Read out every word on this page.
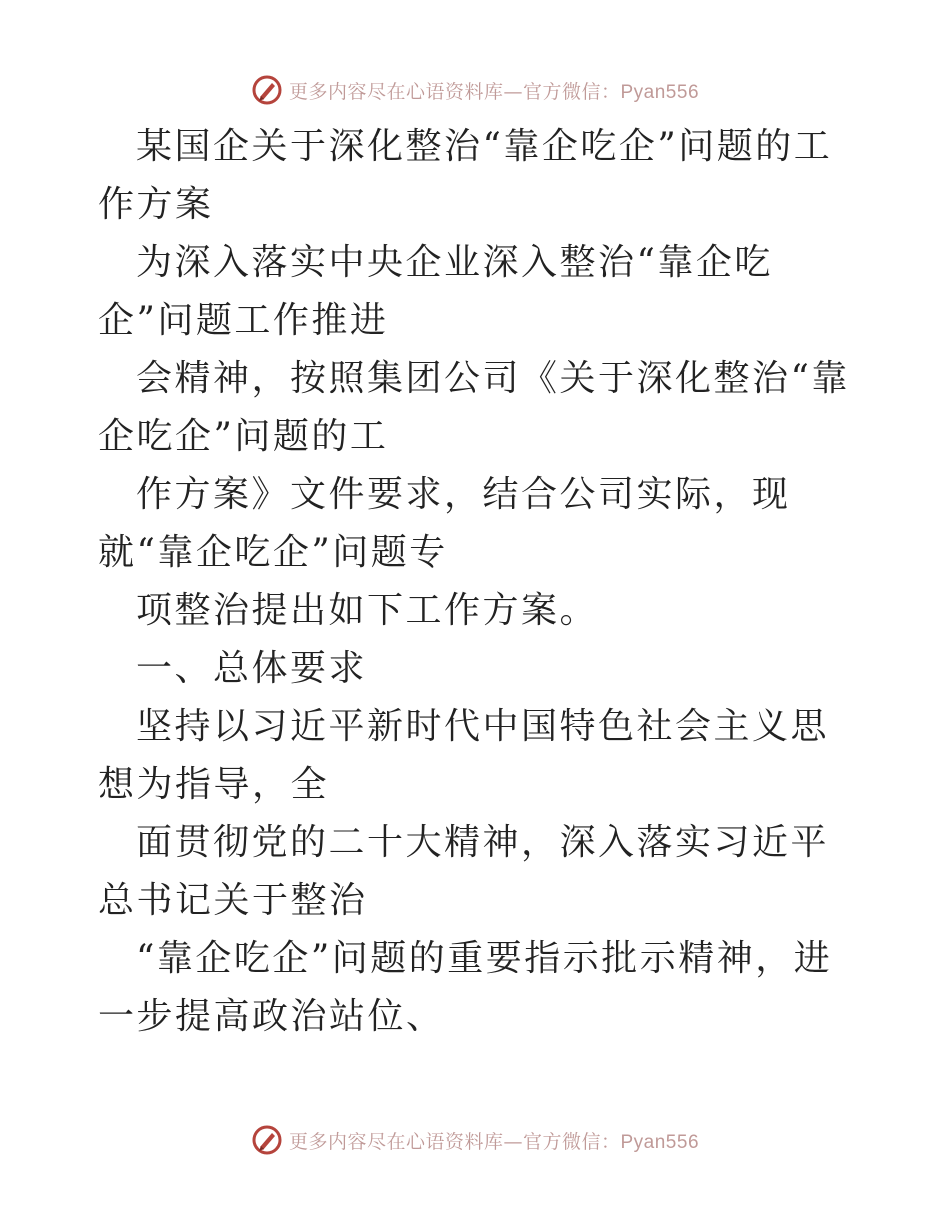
更多内容尽在心语资料库—官方微信：Pyan556

某国企关于深化整治“靠企吃企”问题的工作方案

为深入落实中央企业深入整治“靠企吃企”问题工作推进

会精神，按照集团公司《关于深化整治“靠企吃企”问题的工

作方案》文件要求，结合公司实际，现就“靠企吃企”问题专

项整治提出如下工作方案。

一、总体要求

坚持以习近平新时代中国特色社会主义思想为指导，全

面贯彻党的二十大精神，深入落实习近平总书记关于整治

“靠企吃企”问题的重要指示批示精神，进一步提高政治站位、

更多内容尽在心语资料库—官方微信：Pyan556
